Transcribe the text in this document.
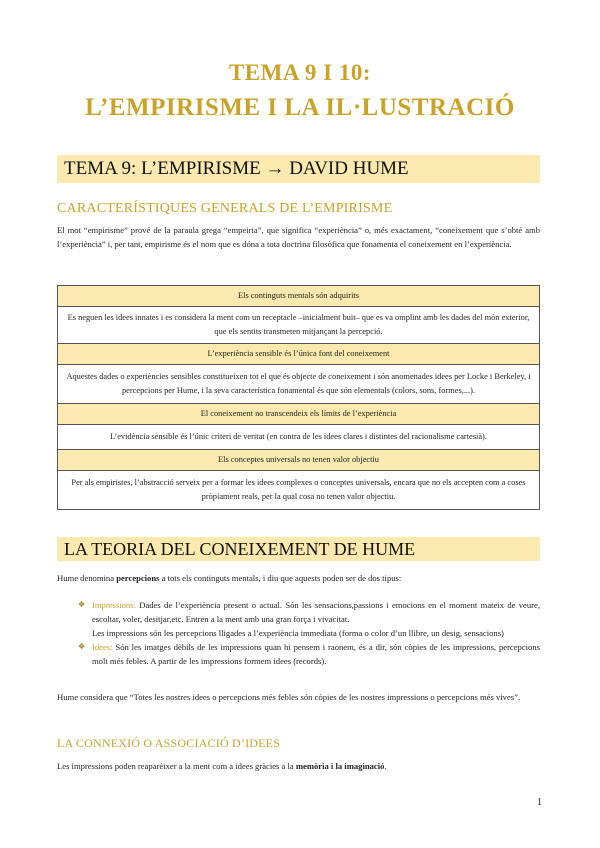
TEMA 9 I 10:
L’EMPIRISME I LA IL·LUSTRACIÓ
TEMA 9: L’EMPIRISME → DAVID HUME
CARACTERÍSTIQUES GENERALS DE L’EMPIRISME
El mot “empirisme” prové de la paraula grega “empeiria”, que significa “experiència” o, més exactament, “coneixement que s’obté amb l’experiència” i, per tant, empirisme és el nom que es dóna a tota doctrina filosòfica que fonamenta el coneixement en l’experiència.
Els continguts mentals són adquirits
Es neguen les idees innates i es considera la ment com un receptacle –inicialment buit– que es va omplint amb les dades del món exterior, que els sentits transmeten mitjançant la percepció.
L’experiència sensible és l’única font del coneixement
Aquestes dades o experiències sensibles constitueixen tot el que és objecte de coneixement i són anomenades idees per Locke i Berkeley, i percepcions per Hume, i la seva característica fonamental és que són elementals (colors, sons, formes,...).
El coneixement no transcendeix els límits de l’experiència
L’evidència sensible és l’únic criteri de veritat (en contra de les idees clares i distintes del racionalisme cartesià).
Els conceptes universals no tenen valor objectiu
Per als empiristes, l’abstracció serveix per a formar les idees complexes o conceptes universals, encara que no els accepten com a coses pròpiament reals, per la qual cosa no tenen valor objectiu.
LA TEORIA DEL CONEIXEMENT DE HUME
Hume denomina percepcions a tots els continguts mentals, i diu que aquests poden ser de dos tipus:
❖ Impressions: Dades de l’experiència present o actual. Són les sensacions,passions i emocions en el moment mateix de veure, escoltar, voler, desitjar,etc. Entren a la ment amb una gran força i vivacitat.
Les impressions són les percepcions lligades a l’experiència immediata (forma o color d’un llibre, un desig, sensacions)
❖ Idees: Són les imatges dèbils de les impressions quan hi pensem i raonem, és a dir, són còpies de les impressions, percepcions molt més febles. A partir de les impressions formem idees (records).
Hume considera que “Totes les nostres idees o percepcions més febles són còpies de les nostres impressions o percepcions més vives”.
LA CONNEXIÓ O ASSOCIACIÓ D’IDEES
Les impressions poden reaparèixer a la ment com a idees gràcies a la memòria i la imaginació.
1
